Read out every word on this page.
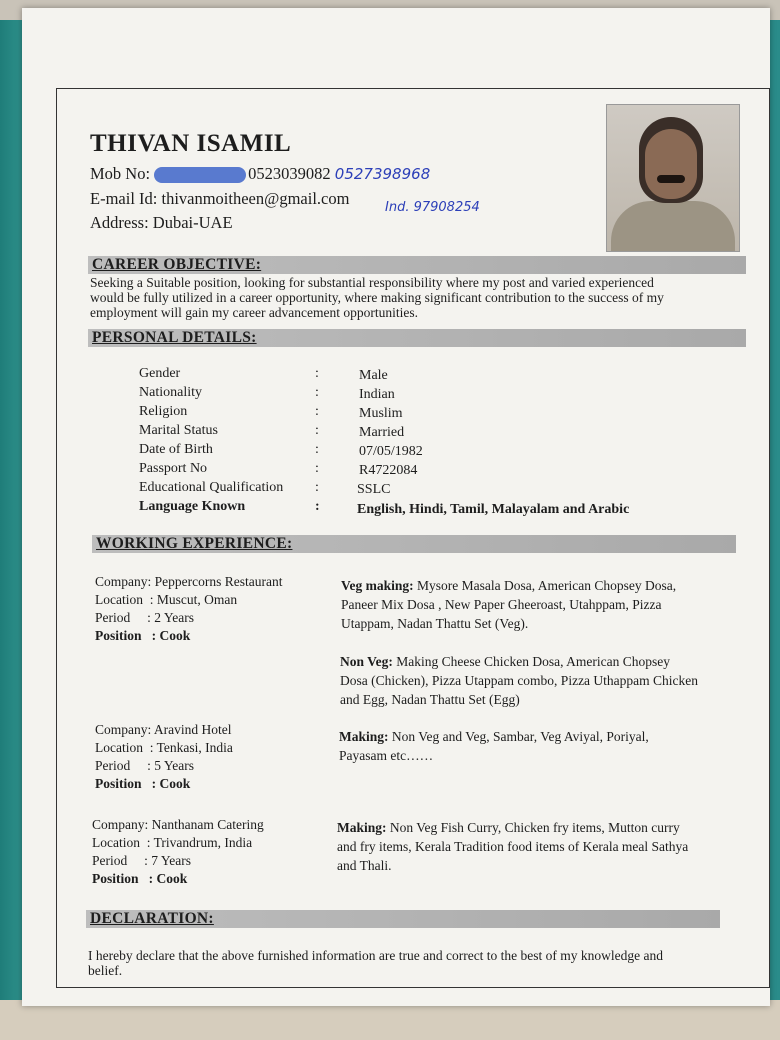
THIVAN ISAMIL
Mob No:	0523039082 0527398968
E-mail Id: thivanmoitheen@gmail.com	Ind. 97908254
Address: Dubai-UAE
CAREER OBJECTIVE:
Seeking a Suitable position, looking for substantial responsibility where my post and varied experienced
would be fully utilized in a career opportunity, where making significant contribution to the success of my
employment will gain my career advancement opportunities.
PERSONAL DETAILS:
Gender	:	Male
Nationality	:	Indian
Religion	:	Muslim
Marital Status	:	Married
Date of Birth	:	07/05/1982
Passport No	:	R4722084
Educational Qualification :	SSLC
Language Known	:	English, Hindi, Tamil, Malayalam and Arabic
WORKING EXPERIENCE:
Company: Peppercorns Restaurant
Location  : Muscut, Oman
Period     : 2 Years
Position   : Cook
Veg making: Mysore Masala Dosa, American Chopsey Dosa,
Paneer Mix Dosa , New Paper Gheeroast, Utahppam, Pizza
Utappam, Nadan Thattu Set (Veg).
Non Veg: Making Cheese Chicken Dosa, American Chopsey
Dosa (Chicken), Pizza Utappam combo, Pizza Uthappam Chicken
and Egg, Nadan Thattu Set (Egg)
Company: Aravind Hotel
Location  : Tenkasi, India
Period     : 5 Years
Position   : Cook
Making: Non Veg and Veg, Sambar, Veg Aviyal, Poriyal,
Payasam etc……
Company: Nanthanam Catering
Location  : Trivandrum, India
Period     : 7 Years
Position   : Cook
Making: Non Veg Fish Curry, Chicken fry items, Mutton curry
and fry items, Kerala Tradition food items of Kerala meal Sathya
and Thali.
DECLARATION:
I hereby declare that the above furnished information are true and correct to the best of my knowledge and
belief.
